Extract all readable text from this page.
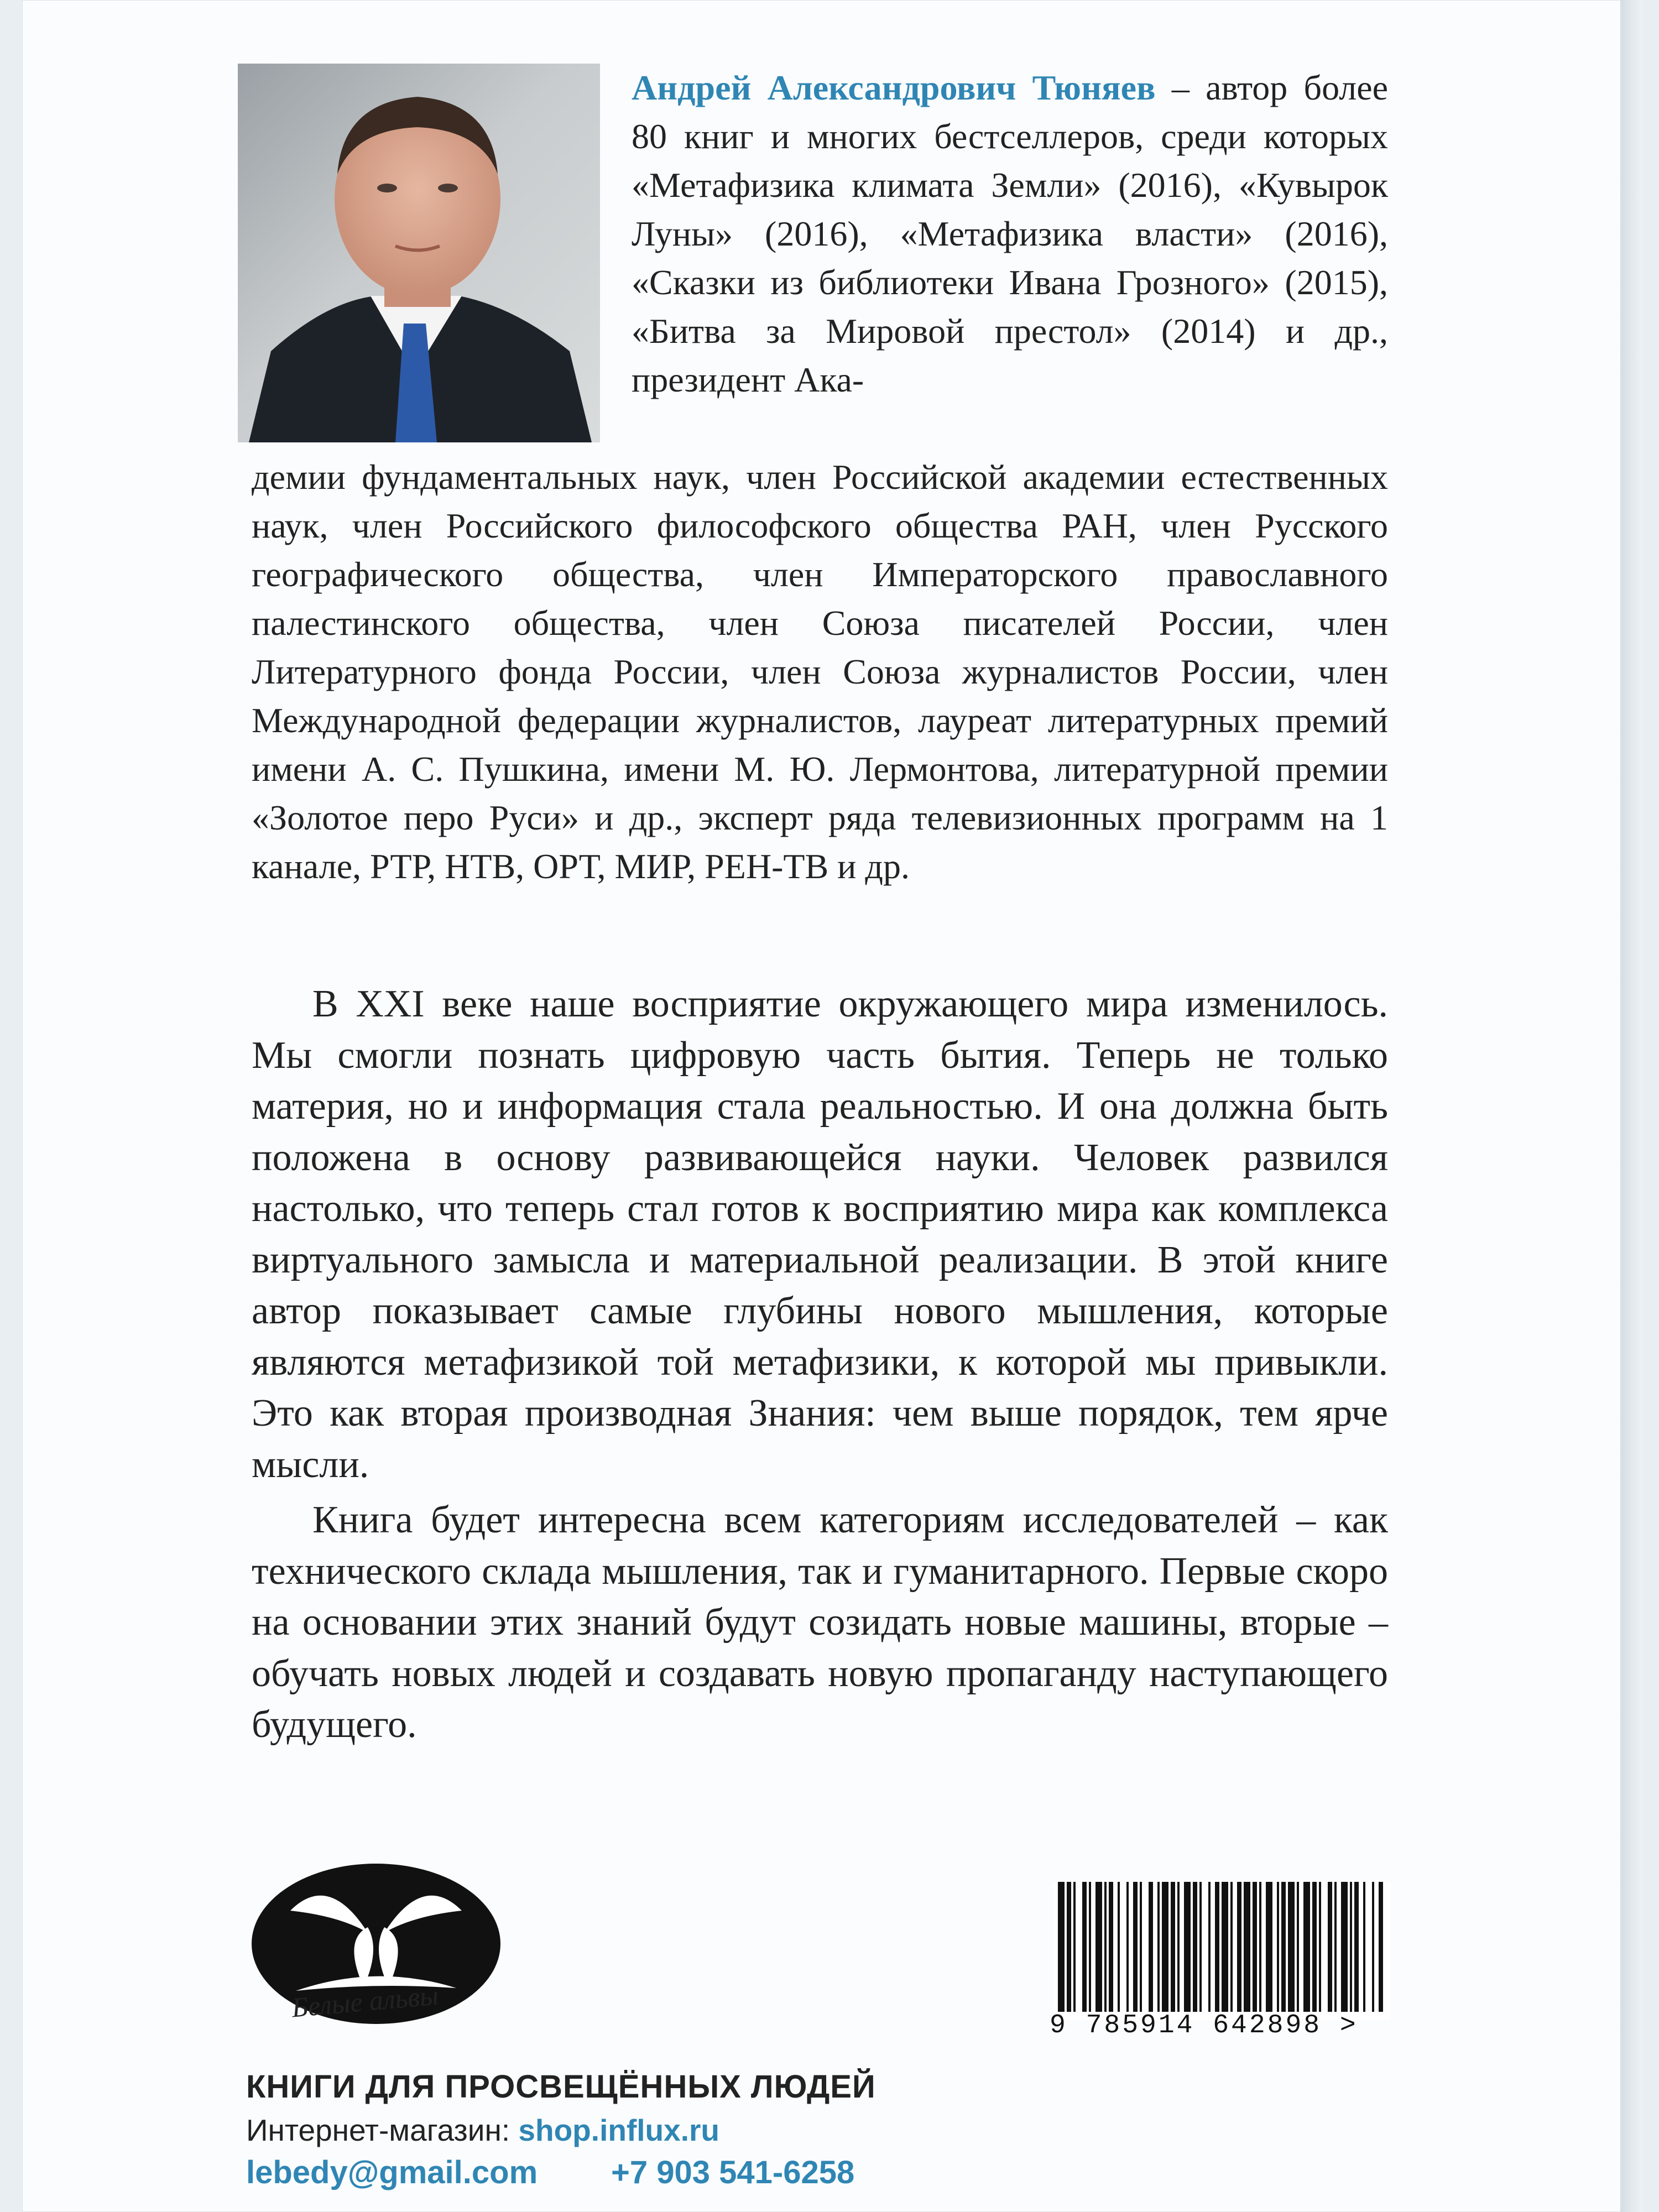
Андрей Александрович Тюняев – автор более 80 книг и многих бестселлеров, среди которых «Метафизика климата Земли» (2016), «Кувырок Луны» (2016), «Метафизика власти» (2016), «Сказки из библиотеки Ивана Грозного» (2015), «Битва за Мировой престол» (2014) и др., президент Ака-

демии фундаментальных наук, член Российской академии естественных наук, член Российского философского общества РАН, член Русского географического общества, член Императорского православного палестинского общества, член Союза писателей России, член Литературного фонда России, член Союза журналистов России, член Международной федерации журналистов, лауреат литературных премий имени А. С. Пушкина, имени М. Ю. Лермонтова, литературной премии «Золотое перо Руси» и др., эксперт ряда телевизионных программ на 1 канале, РТР, НТВ, ОРТ, МИР, РЕН-ТВ и др.

В XXI веке наше восприятие окружающего мира изменилось. Мы смогли познать цифровую часть бытия. Теперь не только материя, но и информация стала реальностью. И она должна быть положена в основу развивающейся науки. Человек развился настолько, что теперь стал готов к восприятию мира как комплекса виртуального замысла и материальной реализации. В этой книге автор показывает самые глубины нового мышления, которые являются метафизикой той метафизики, к которой мы привыкли. Это как вторая производная Знания: чем выше порядок, тем ярче мысли.

Книга будет интересна всем категориям исследователей – как технического склада мышления, так и гуманитарного. Первые скоро на основании этих знаний будут созидать новые машины, вторые – обучать новых людей и создавать новую пропаганду наступающего будущего.

Белые альвы
9 785914 642898 >
КНИГИ ДЛЯ ПРОСВЕЩЁННЫХ ЛЮДЕЙ
Интернет-магазин: shop.influx.ru
lebedy@gmail.com +7 903 541-6258
